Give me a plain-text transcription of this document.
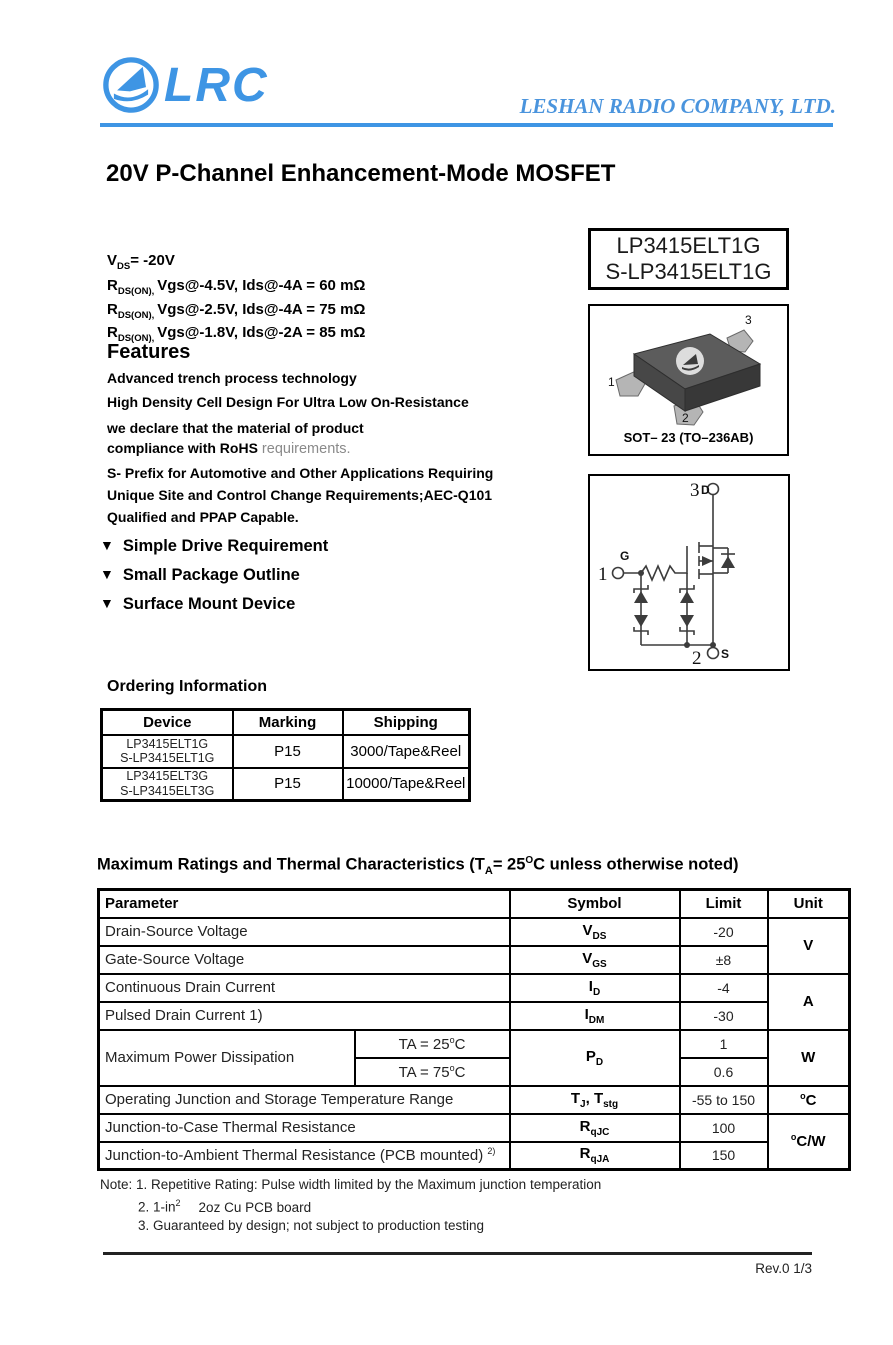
LRC	LESHAN RADIO COMPANY, LTD.
20V P-Channel Enhancement-Mode MOSFET
$V_{DS}= -20V$
$R_{DS(ON),}$ Vgs@-4.5V, Ids@-4A = 60 mΩ
$R_{DS(ON),}$ Vgs@-2.5V, Ids@-4A = 75 mΩ
$R_{DS(ON),}$ Vgs@-1.8V, Ids@-2A = 85 mΩ
Features
Advanced trench process technology
High Density Cell Design For Ultra Low On-Resistance
we declare that the material of product
compliance with RoHS requirements.
S- Prefix for Automotive and Other Applications Requiring
Unique Site and Control Change Requirements;AEC-Q101
Qualified and PPAP Capable.
▼ Simple Drive Requirement
▼ Small Package Outline
▼ Surface Mount Device
LP3415ELT1G
S-LP3415ELT1G
3
1
2
SOT– 23 (TO–236AB)
3 D
G
1
2 S
Ordering Information
Device	Marking	Shipping
LP3415ELT1G
S-LP3415ELT1G	P15	3000/Tape&Reel
LP3415ELT3G
S-LP3415ELT3G	P15	10000/Tape&Reel
Maximum Ratings and Thermal Characteristics ($T_A= 25^OC$ unless otherwise noted)
Parameter		Symbol	Limit	Unit
Drain-Source Voltage		$V_{DS}$	-20	V
Gate-Source Voltage		$V_{GS}$	±8	
Continuous Drain Current		$I_D$	-4	A
Pulsed Drain Current 1)		$I_{DM}$	-30	
Maximum Power Dissipation	TA = $25^oC$	$P_D$	1	W
	TA = $75^oC$		0.6	
Operating Junction and Storage Temperature Range		$T_J$, $T_{stg}$	-55 to 150	$^o$C
Junction-to-Case Thermal Resistance		$R_{qJC}$	100	$^o$C/W
Junction-to-Ambient Thermal Resistance (PCB mounted) $^{2)}$		$R_{qJA}$	150	
Note: 1. Repetitive Rating: Pulse width limited by the Maximum junction temperation
2. $1-in^2$ 2oz Cu PCB board
3. Guaranteed by design; not subject to production testing
Rev.0 1/3
